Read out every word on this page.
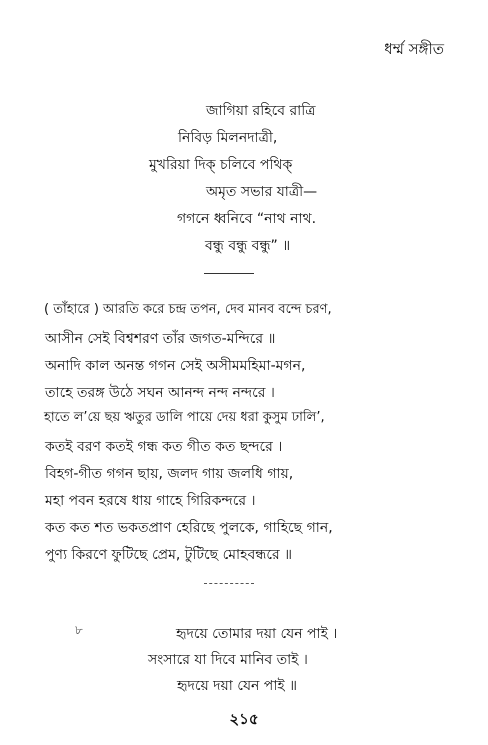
ধর্ম্ম সঙ্গীত
জাগিয়া রহিবে রাত্রি
নিবিড় মিলনদাত্রী,
মুখরিয়া দিক্‌ চলিবে পথিক্
অমৃত সভার যাত্রী—
গগনে ধ্বনিবে “নাথ নাথ.
বন্ধু বন্ধু বন্ধু” ॥
( তাঁহারে ) আরতি করে চন্দ্র তপন, দেব মানব বন্দে চরণ,
আসীন সেই বিশ্বশরণ তাঁর জগত-মন্দিরে ॥
অনাদি কাল অনন্ত গগন সেই অসীমমহিমা-মগন,
তাহে তরঙ্গ উঠে সঘন আনন্দ নন্দ নন্দরে ।
হাতে ল’য়ে ছয় ঋতুর ডালি পায়ে দেয় ধরা কুসুম ঢালি’,
কতই বরণ কতই গন্ধ কত গীত কত ছন্দরে ।
বিহগ-গীত গগন ছায়, জলদ গায় জলধি গায়,
মহা পবন হরষে ধায় গাহে গিরিকন্দরে ।
কত কত শত ভকতপ্রাণ হেরিছে পুলকে, গাহিছে গান,
পুণ্য কিরণে ফুটিছে প্রেম, টুটিছে মোহবন্ধরে ॥
৮	হৃদয়ে তোমার দয়া যেন পাই ।
সংসারে যা দিবে মানিব তাই ।
হৃদয়ে দয়া যেন পাই ॥
২১৫
